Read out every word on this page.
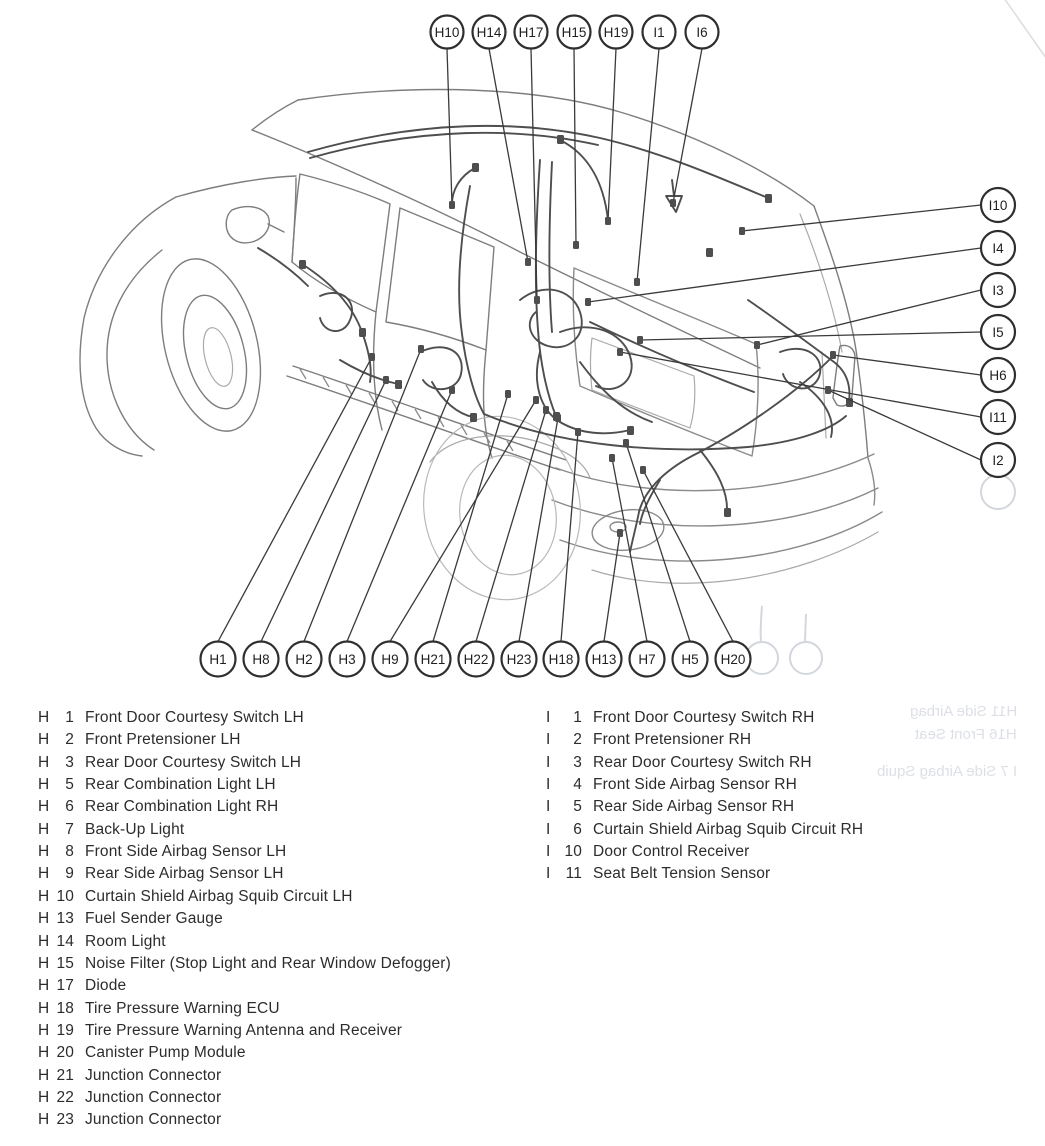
H10 H14 H17 H15 H19 I1 I6
I10
I4
I3
I5
H6
I11
I2
H1 H8 H2 H3 H9 H21 H22 H23 H18 H13 H7 H5 H20
H 1 Front Door Courtesy Switch LH
H 2 Front Pretensioner LH
H 3 Rear Door Courtesy Switch LH
H 5 Rear Combination Light LH
H 6 Rear Combination Light RH
H 7 Back-Up Light
H 8 Front Side Airbag Sensor LH
H 9 Rear Side Airbag Sensor LH
H 10 Curtain Shield Airbag Squib Circuit LH
H 13 Fuel Sender Gauge
H 14 Room Light
H 15 Noise Filter (Stop Light and Rear Window Defogger)
H 17 Diode
H 18 Tire Pressure Warning ECU
H 19 Tire Pressure Warning Antenna and Receiver
H 20 Canister Pump Module
H 21 Junction Connector
H 22 Junction Connector
H 23 Junction Connector
I 1 Front Door Courtesy Switch RH
I 2 Front Pretensioner RH
I 3 Rear Door Courtesy Switch RH
I 4 Front Side Airbag Sensor RH
I 5 Rear Side Airbag Sensor RH
I 6 Curtain Shield Airbag Squib Circuit RH
I 10 Door Control Receiver
I 11 Seat Belt Tension Sensor
H11 Side Airbag
H16 Front Seat
I 7 Side Airbag Squib
